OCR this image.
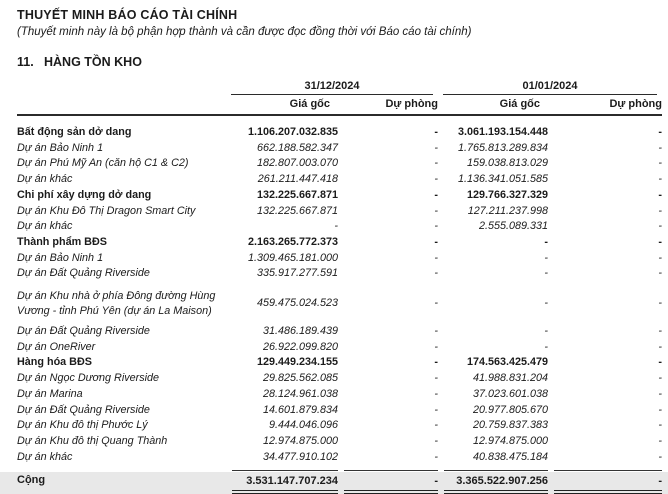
THUYẾT MINH BÁO CÁO TÀI CHÍNH
(Thuyết minh này là bộ phận hợp thành và cần được đọc đồng thời với Báo cáo tài chính)
11. HÀNG TỒN KHO

	31/12/2024		01/01/2024	

	Giá gốc	Dự phòng	Giá gốc	Dự phòng
Bất động sản dở dang	1.106.207.032.835	-	3.061.193.154.448	-
Dự án Bảo Ninh 1	662.188.582.347	-	1.765.813.289.834	-
Dự án Phú Mỹ An (căn hộ C1 & C2)	182.807.003.070	-	159.038.813.029	-
Dự án khác	261.211.447.418	-	1.136.341.051.585	-
Chi phí xây dựng dở dang	132.225.667.871	-	129.766.327.329	-
Dự án Khu Đô Thị Dragon Smart City	132.225.667.871	-	127.211.237.998	-
Dự án khác	-	-	2.555.089.331	-
Thành phẩm BĐS	2.163.265.772.373	-	-	-
Dự án Bảo Ninh 1	1.309.465.181.000	-	-	-
Dự án Đất Quảng Riverside	335.917.277.591	-	-	-
Dự án Khu nhà ở phía Đông đường Hùng Vương - tỉnh Phú Yên (dự án La Maison)	459.475.024.523	-	-	-
Dự án Đất Quảng Riverside	31.486.189.439	-	-	-
Dự án OneRiver	26.922.099.820	-	-	-
Hàng hóa BĐS	129.449.234.155	-	174.563.425.479	-
Dự án Ngọc Dương Riverside	29.825.562.085	-	41.988.831.204	-
Dự án Marina	28.124.961.038	-	37.023.601.038	-
Dự án Đất Quảng Riverside	14.601.879.834	-	20.977.805.670	-
Dự án Khu đô thị Phước Lý	9.444.046.096	-	20.759.837.383	-
Dự án Khu đô thị Quang Thành	12.974.875.000	-	12.974.875.000	-
Dự án khác	34.477.910.102	-	40.838.475.184	-
Cộng	3.531.147.707.234	-	3.365.522.907.256	-
